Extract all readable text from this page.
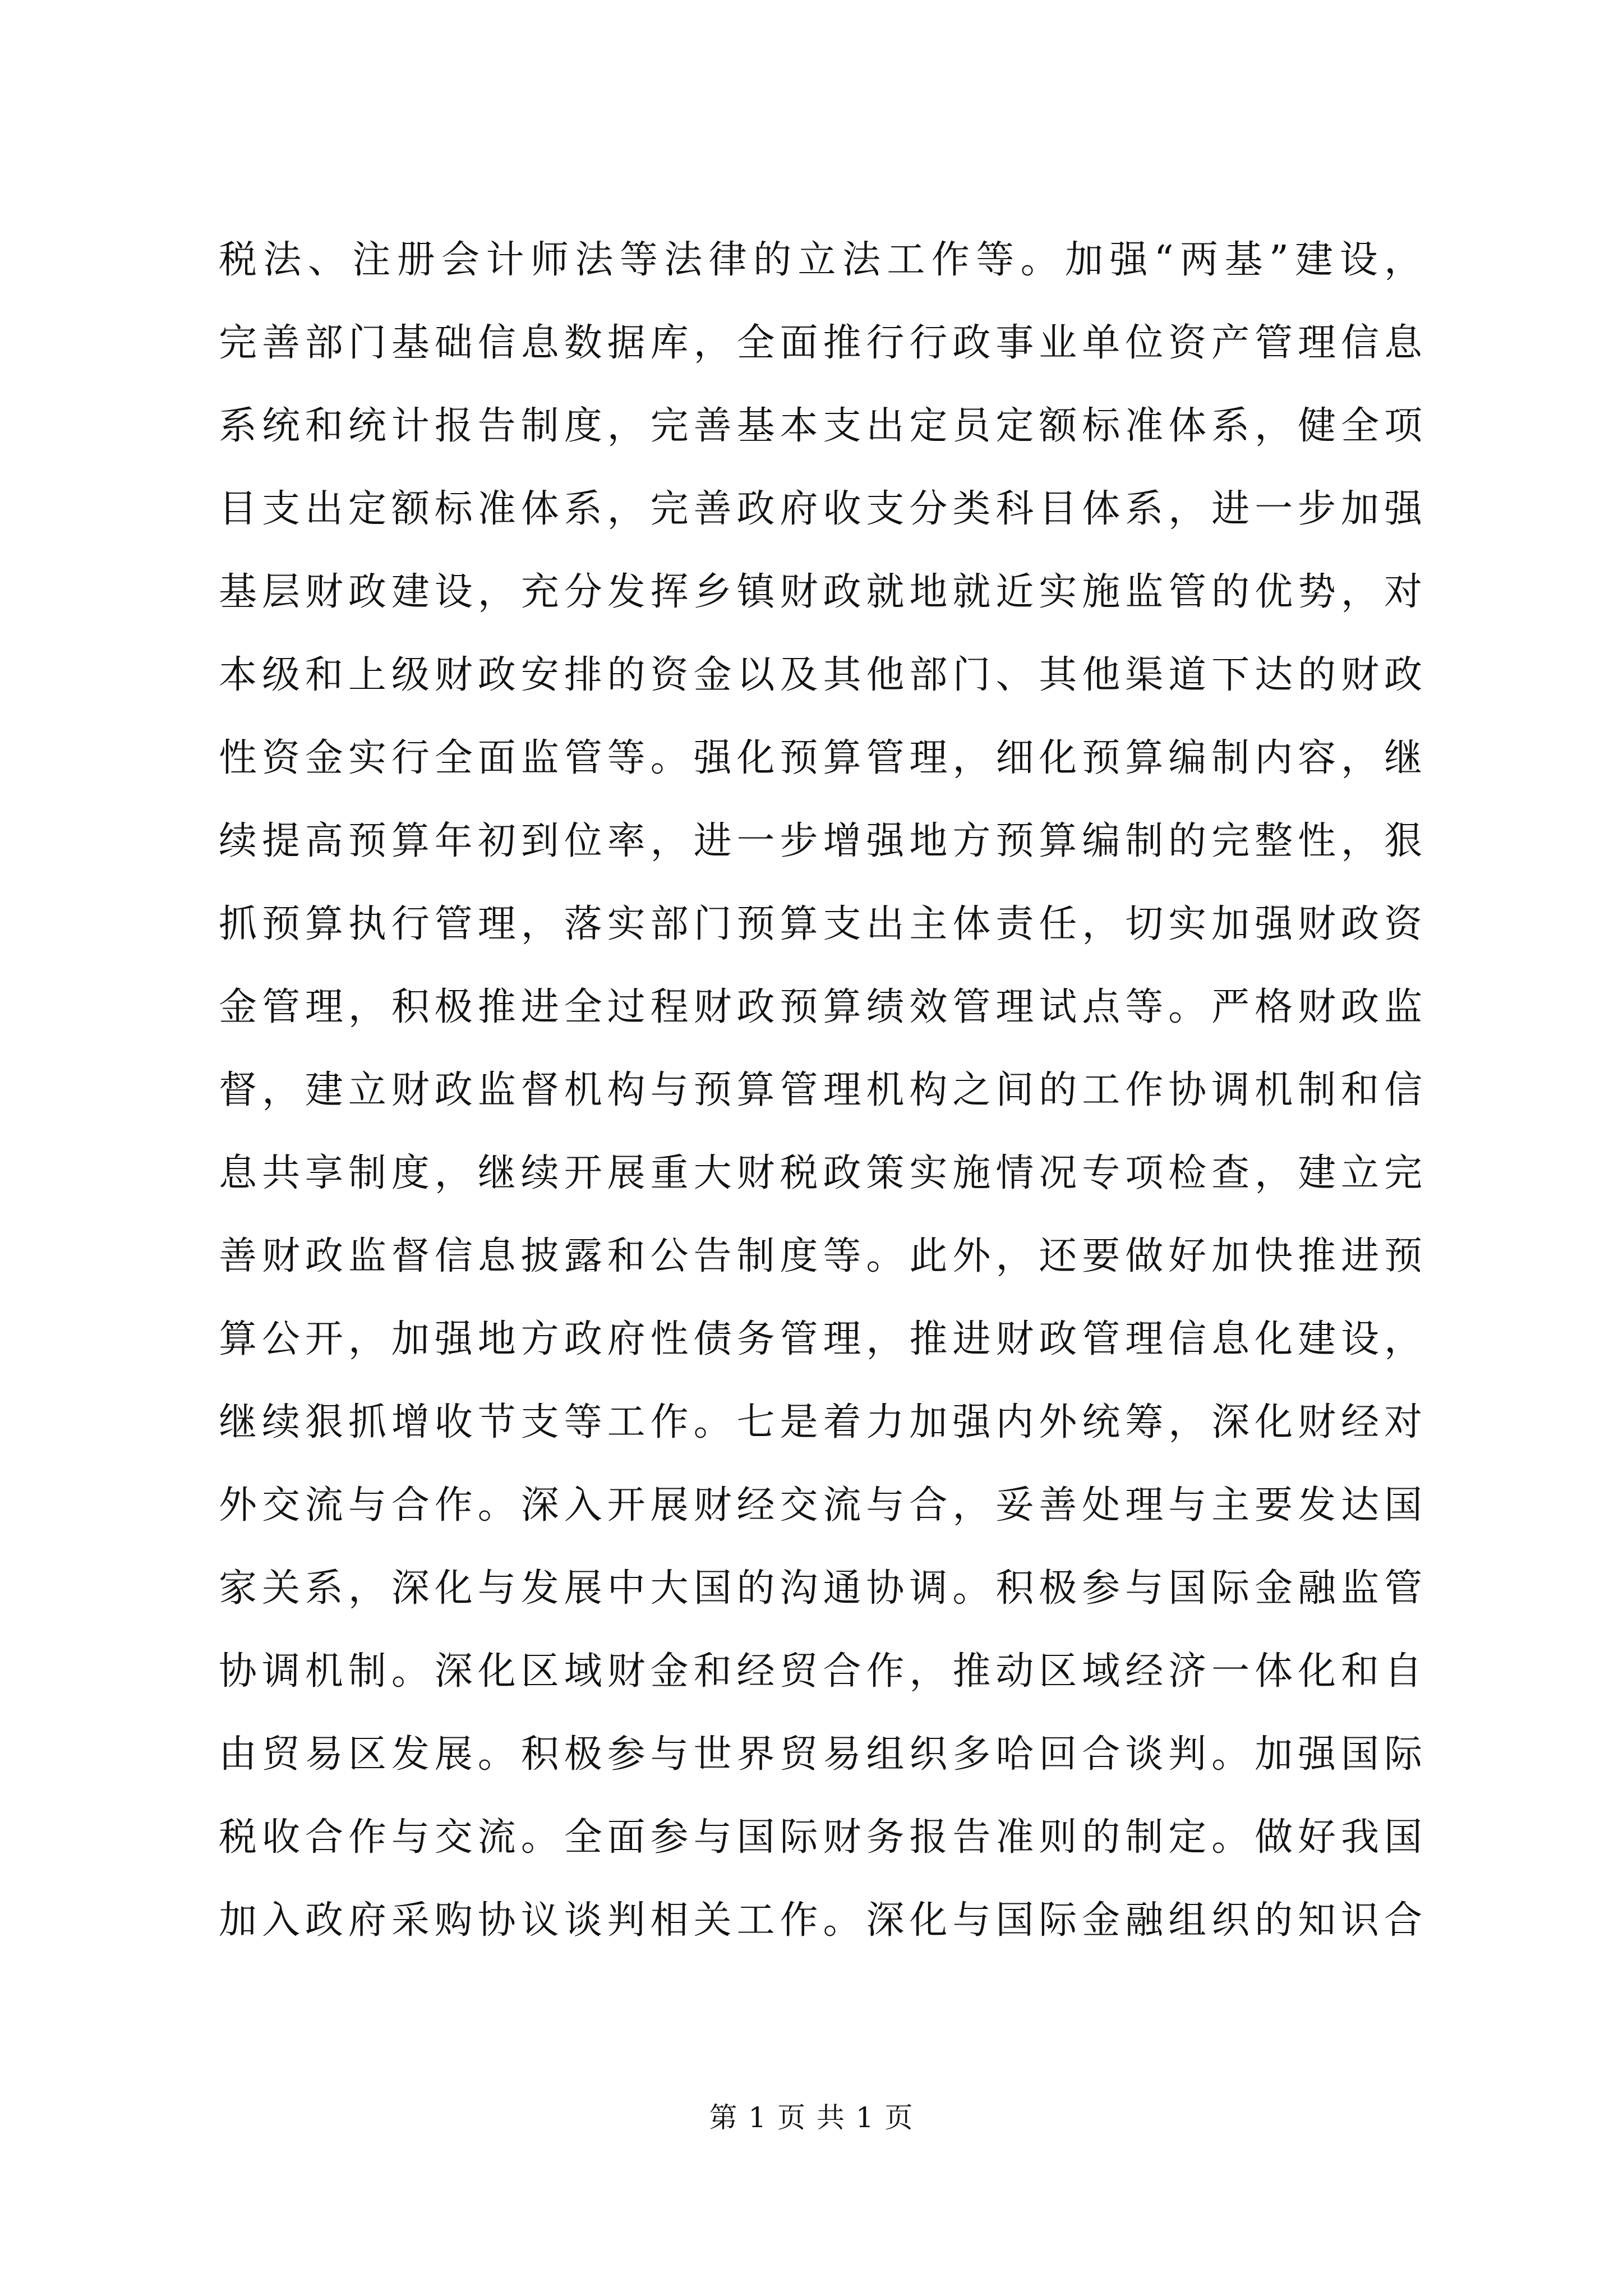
税法、注册会计师法等法律的立法工作等。加强“两基”建设，
完善部门基础信息数据库，全面推行行政事业单位资产管理信息
系统和统计报告制度，完善基本支出定员定额标准体系，健全项
目支出定额标准体系，完善政府收支分类科目体系，进一步加强
基层财政建设，充分发挥乡镇财政就地就近实施监管的优势，对
本级和上级财政安排的资金以及其他部门、其他渠道下达的财政
性资金实行全面监管等。强化预算管理，细化预算编制内容，继
续提高预算年初到位率，进一步增强地方预算编制的完整性，狠
抓预算执行管理，落实部门预算支出主体责任，切实加强财政资
金管理，积极推进全过程财政预算绩效管理试点等。严格财政监
督，建立财政监督机构与预算管理机构之间的工作协调机制和信
息共享制度，继续开展重大财税政策实施情况专项检查，建立完
善财政监督信息披露和公告制度等。此外，还要做好加快推进预
算公开，加强地方政府性债务管理，推进财政管理信息化建设，
继续狠抓增收节支等工作。七是着力加强内外统筹，深化财经对
外交流与合作。深入开展财经交流与合，妥善处理与主要发达国
家关系，深化与发展中大国的沟通协调。积极参与国际金融监管
协调机制。深化区域财金和经贸合作，推动区域经济一体化和自
由贸易区发展。积极参与世界贸易组织多哈回合谈判。加强国际
税收合作与交流。全面参与国际财务报告准则的制定。做好我国
加入政府采购协议谈判相关工作。深化与国际金融组织的知识合
第 1 页 共 1 页
